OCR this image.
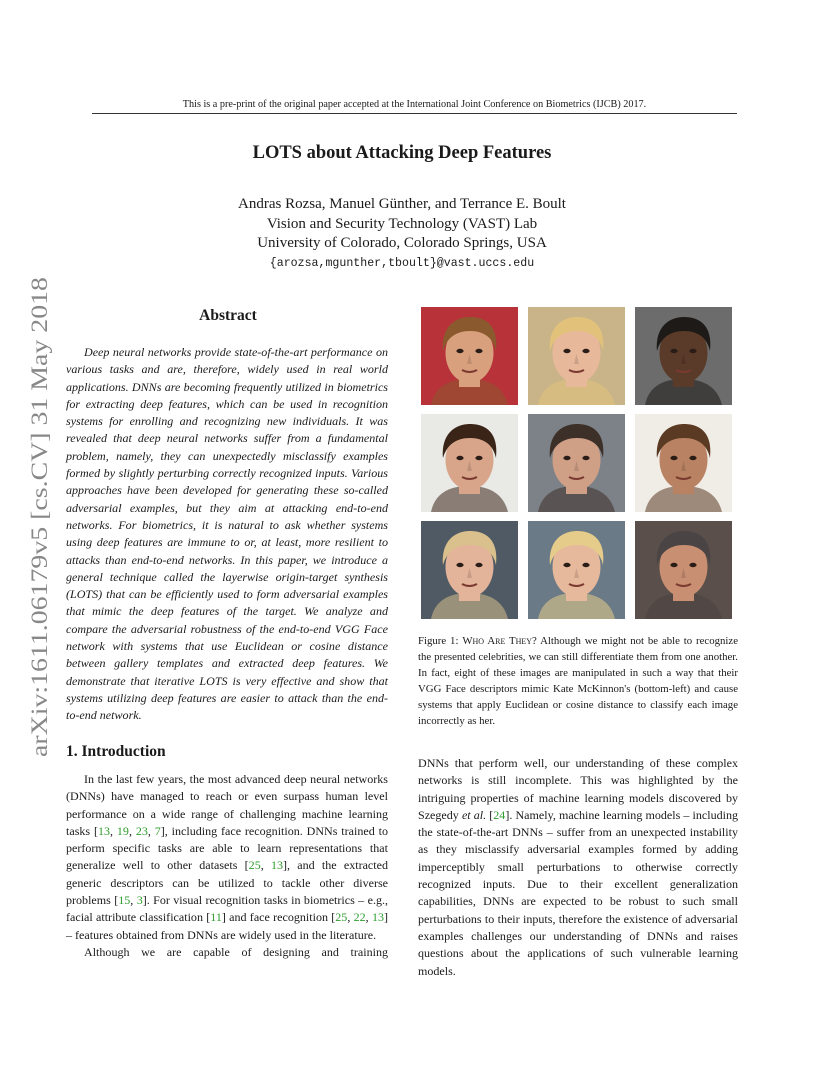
This is a pre-print of the original paper accepted at the International Joint Conference on Biometrics (IJCB) 2017.
LOTS about Attacking Deep Features
Andras Rozsa, Manuel Günther, and Terrance E. Boult
Vision and Security Technology (VAST) Lab
University of Colorado, Colorado Springs, USA
{arozsa,mgunther,tboult}@vast.uccs.edu
arXiv:1611.06179v5 [cs.CV] 31 May 2018
Abstract
Deep neural networks provide state-of-the-art performance on various tasks and are, therefore, widely used in real world applications. DNNs are becoming frequently utilized in biometrics for extracting deep features, which can be used in recognition systems for enrolling and recognizing new individuals. It was revealed that deep neural networks suffer from a fundamental problem, namely, they can unexpectedly misclassify examples formed by slightly perturbing correctly recognized inputs. Various approaches have been developed for generating these so-called adversarial examples, but they aim at attacking end-to-end networks. For biometrics, it is natural to ask whether systems using deep features are immune to or, at least, more resilient to attacks than end-to-end networks. In this paper, we introduce a general technique called the layerwise origin-target synthesis (LOTS) that can be efficiently used to form adversarial examples that mimic the deep features of the target. We analyze and compare the adversarial robustness of the end-to-end VGG Face network with systems that use Euclidean or cosine distance between gallery templates and extracted deep features. We demonstrate that iterative LOTS is very effective and show that systems utilizing deep features are easier to attack than the end-to-end network.
1. Introduction

In the last few years, the most advanced deep neural networks (DNNs) have managed to reach or even surpass human level performance on a wide range of challenging machine learning tasks [13, 19, 23, 7], including face recognition. DNNs trained to perform specific tasks are able to learn representations that generalize well to other datasets [25, 13], and the extracted generic descriptors can be utilized to tackle other diverse problems [15, 3]. For visual recognition tasks in biometrics – e.g., facial attribute classification [11] and face recognition [25, 22, 13] – features obtained from DNNs are widely used in the literature.

Although we are capable of designing and training

Figure 1: Who Are They? Although we might not be able to recognize the presented celebrities, we can still differentiate them from one another. In fact, eight of these images are manipulated in such a way that their VGG Face descriptors mimic Kate McKinnon's (bottom-left) and cause systems that apply Euclidean or cosine distance to classify each image incorrectly as her.
DNNs that perform well, our understanding of these complex networks is still incomplete. This was highlighted by the intriguing properties of machine learning models discovered by Szegedy et al. [24]. Namely, machine learning models – including the state-of-the-art DNNs – suffer from an unexpected instability as they misclassify adversarial examples formed by adding imperceptibly small perturbations to otherwise correctly recognized inputs. Due to their excellent generalization capabilities, DNNs are expected to be robust to such small perturbations to their inputs, therefore the existence of adversarial examples challenges our understanding of DNNs and raises questions about the applications of such vulnerable learning models.
